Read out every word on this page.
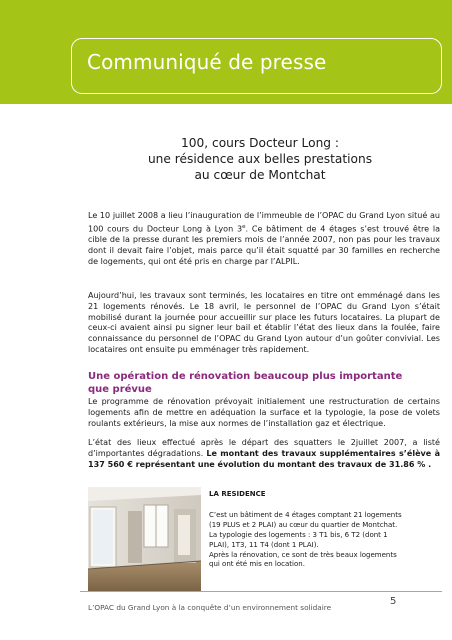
Communiqué de presse
100, cours Docteur Long :
une résidence aux belles prestations
au cœur de Montchat
Le 10 juillet 2008 a lieu l’inauguration de l’immeuble de l’OPAC du Grand Lyon situé au 100 cours du Docteur Long à Lyon 3e. Ce bâtiment de 4 étages s’est trouvé être la cible de la presse durant les premiers mois de l’année 2007, non pas pour les travaux dont il devait faire l’objet, mais parce qu’il était squatté par 30 familles en recherche de logements, qui ont été pris en charge par l’ALPIL.
Aujourd’hui, les travaux sont terminés, les locataires en titre ont emménagé dans les 21 logements rénovés. Le 18 avril, le personnel de l’OPAC du Grand Lyon s’était mobilisé durant la journée pour accueillir sur place les futurs locataires. La plupart de ceux-ci avaient ainsi pu signer leur bail et établir l’état des lieux dans la foulée, faire connaissance du personnel de l’OPAC du Grand Lyon autour d’un goûter convivial. Les locataires ont ensuite pu emménager très rapidement.
Une opération de rénovation beaucoup plus importante
que prévue
Le programme de rénovation prévoyait initialement une restructuration de certains logements afin de mettre en adéquation la surface et la typologie, la pose de volets roulants extérieurs, la mise aux normes de l’installation gaz et électrique.
L’état des lieux effectué après le départ des squatters le 2juillet 2007, a listé d’importantes dégradations. Le montant des travaux supplémentaires s’élève à 137 560 € représentant une évolution du montant des travaux de 31.86 % .
LA RESIDENCE
C’est un bâtiment de 4 étages comptant 21 logements
(19 PLUS et 2 PLAI) au cœur du quartier de Montchat.
La typologie des logements : 3 T1 bis, 6 T2 (dont 1
PLAI), 1T3, 11 T4 (dont 1 PLAI).
Après la rénovation, ce sont de très beaux logements
qui ont été mis en location.
L’OPAC du Grand Lyon à la conquête d’un environnement solidaire
5
